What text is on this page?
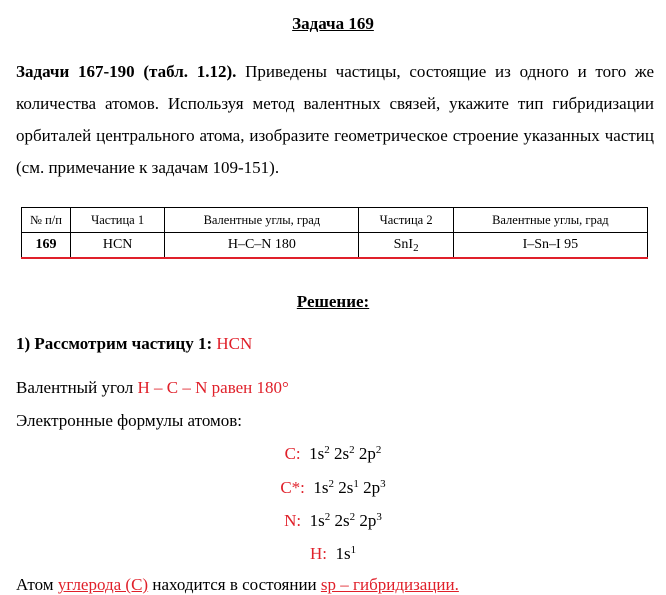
Задача 169
Задачи 167-190 (табл. 1.12). Приведены частицы, состоящие из одного и того же количества атомов. Используя метод валентных связей, укажите тип гибридизации орбиталей центрального атома, изобразите геометрическое строение указанных частиц (см. примечание к задачам 109-151).
№ п/п	Частица 1	Валентные углы, град	Частица 2	Валентные углы, град
169	HCN	H–C–N 180	SnI$_2$	I–Sn–I 95
Решение:
1) Рассмотрим частицу 1: HCN
Валентный угол H – C – N равен 180°
Электронные формулы атомов:
C: $1s^2$ $2s^2$ $2p^2$
C*: $1s^2$ $2s^1$ $2p^3$
N: $1s^2$ $2s^2$ $2p^3$
H: $1s^1$
Атом углерода (С) находится в состоянии sp – гибридизации.
